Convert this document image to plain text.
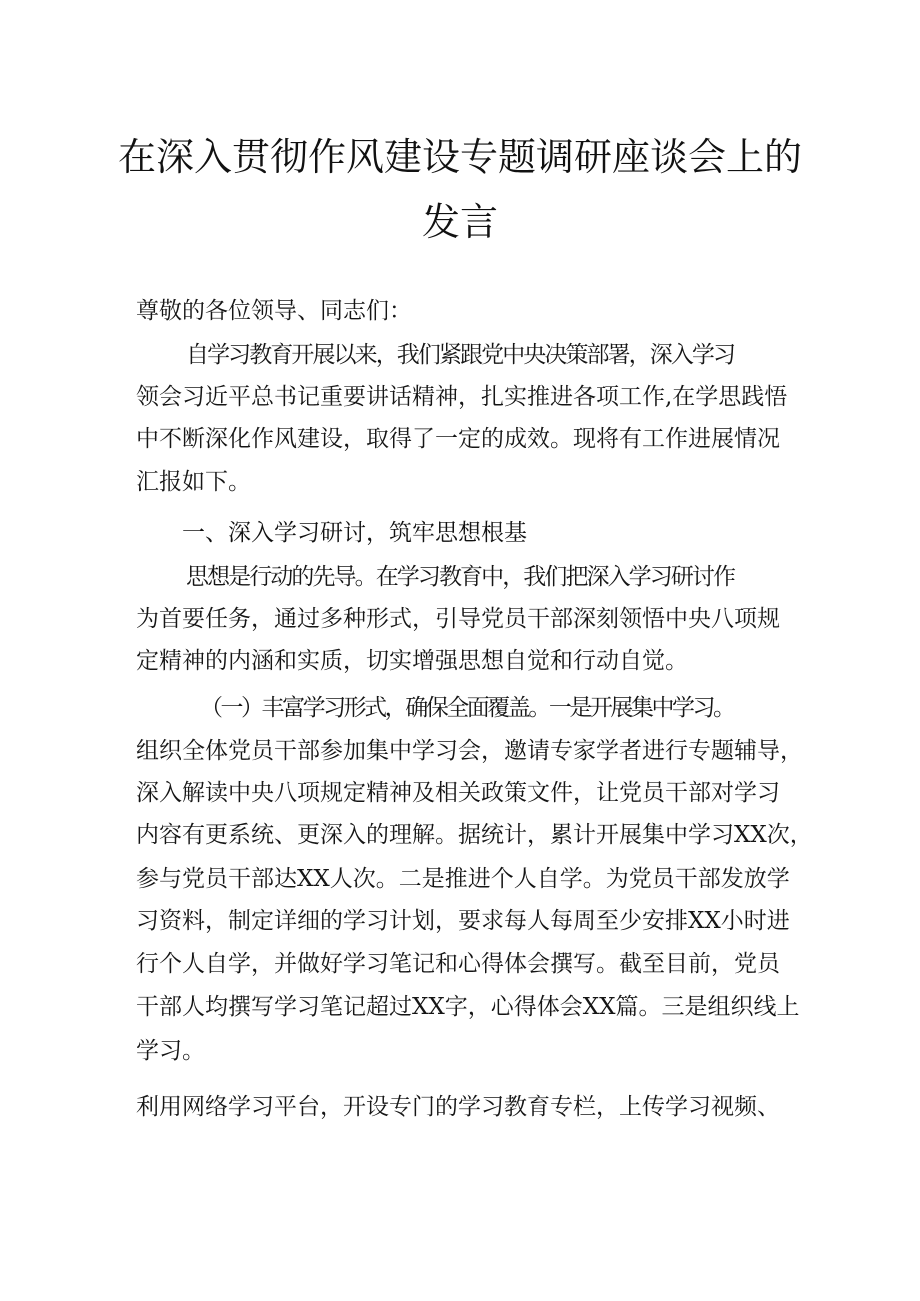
在深入贯彻作风建设专题调研座谈会上的
发言
尊敬的各位领导、同志们：
自学习教育开展以来，我们紧跟党中央决策部署，深入学习
领会习近平总书记重要讲话精神，扎实推进各项工作,在学思践悟
中不断深化作风建设，取得了一定的成效。现将有工作进展情况
汇报如下。
一、深入学习研讨，筑牢思想根基
思想是行动的先导。在学习教育中，我们把深入学习研讨作
为首要任务，通过多种形式，引导党员干部深刻领悟中央八项规
定精神的内涵和实质，切实增强思想自觉和行动自觉。
（一）丰富学习形式，确保全面覆盖。一是开展集中学习。
组织全体党员干部参加集中学习会，邀请专家学者进行专题辅导，
深入解读中央八项规定精神及相关政策文件，让党员干部对学习
内容有更系统、更深入的理解。据统计，累计开展集中学习XX次，
参与党员干部达XX人次。二是推进个人自学。为党员干部发放学
习资料，制定详细的学习计划，要求每人每周至少安排XX小时进
行个人自学，并做好学习笔记和心得体会撰写。截至目前，党员
干部人均撰写学习笔记超过XX字，心得体会XX篇。三是组织线上
学习。
利用网络学习平台，开设专门的学习教育专栏，上传学习视频、
